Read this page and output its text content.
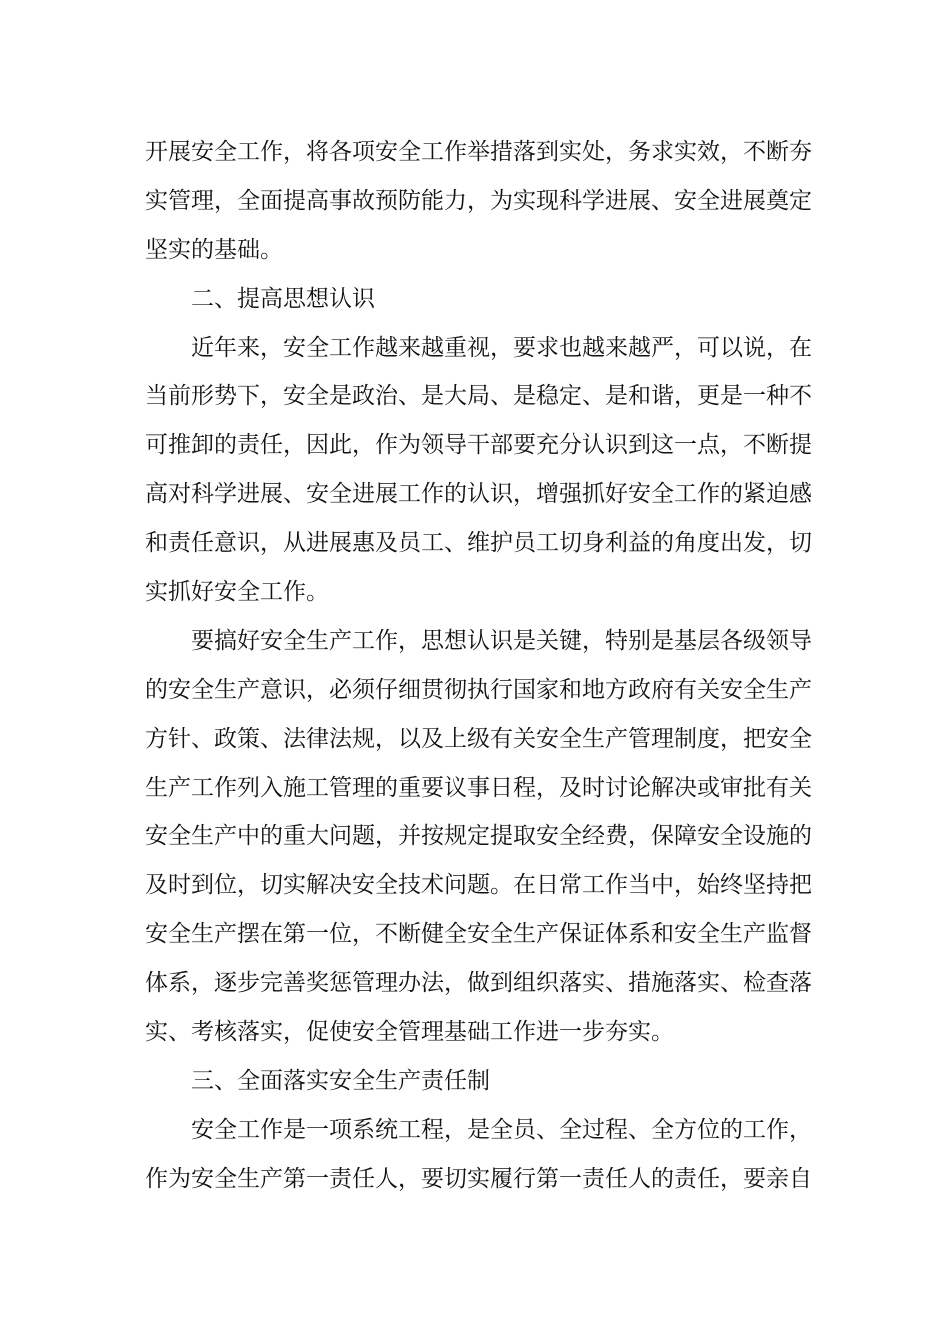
开展安全工作，将各项安全工作举措落到实处，务求实效，不断夯
实管理，全面提高事故预防能力，为实现科学进展、安全进展奠定
坚实的基础。
二、提高思想认识
近年来，安全工作越来越重视，要求也越来越严，可以说，在
当前形势下，安全是政治、是大局、是稳定、是和谐，更是一种不
可推卸的责任，因此，作为领导干部要充分认识到这一点，不断提
高对科学进展、安全进展工作的认识，增强抓好安全工作的紧迫感
和责任意识，从进展惠及员工、维护员工切身利益的角度出发，切
实抓好安全工作。
要搞好安全生产工作，思想认识是关键，特别是基层各级领导
的安全生产意识，必须仔细贯彻执行国家和地方政府有关安全生产
方针、政策、法律法规，以及上级有关安全生产管理制度，把安全
生产工作列入施工管理的重要议事日程，及时讨论解决或审批有关
安全生产中的重大问题，并按规定提取安全经费，保障安全设施的
及时到位，切实解决安全技术问题。在日常工作当中，始终坚持把
安全生产摆在第一位，不断健全安全生产保证体系和安全生产监督
体系，逐步完善奖惩管理办法，做到组织落实、措施落实、检查落
实、考核落实，促使安全管理基础工作进一步夯实。
三、全面落实安全生产责任制
安全工作是一项系统工程，是全员、全过程、全方位的工作，
作为安全生产第一责任人，要切实履行第一责任人的责任，要亲自
